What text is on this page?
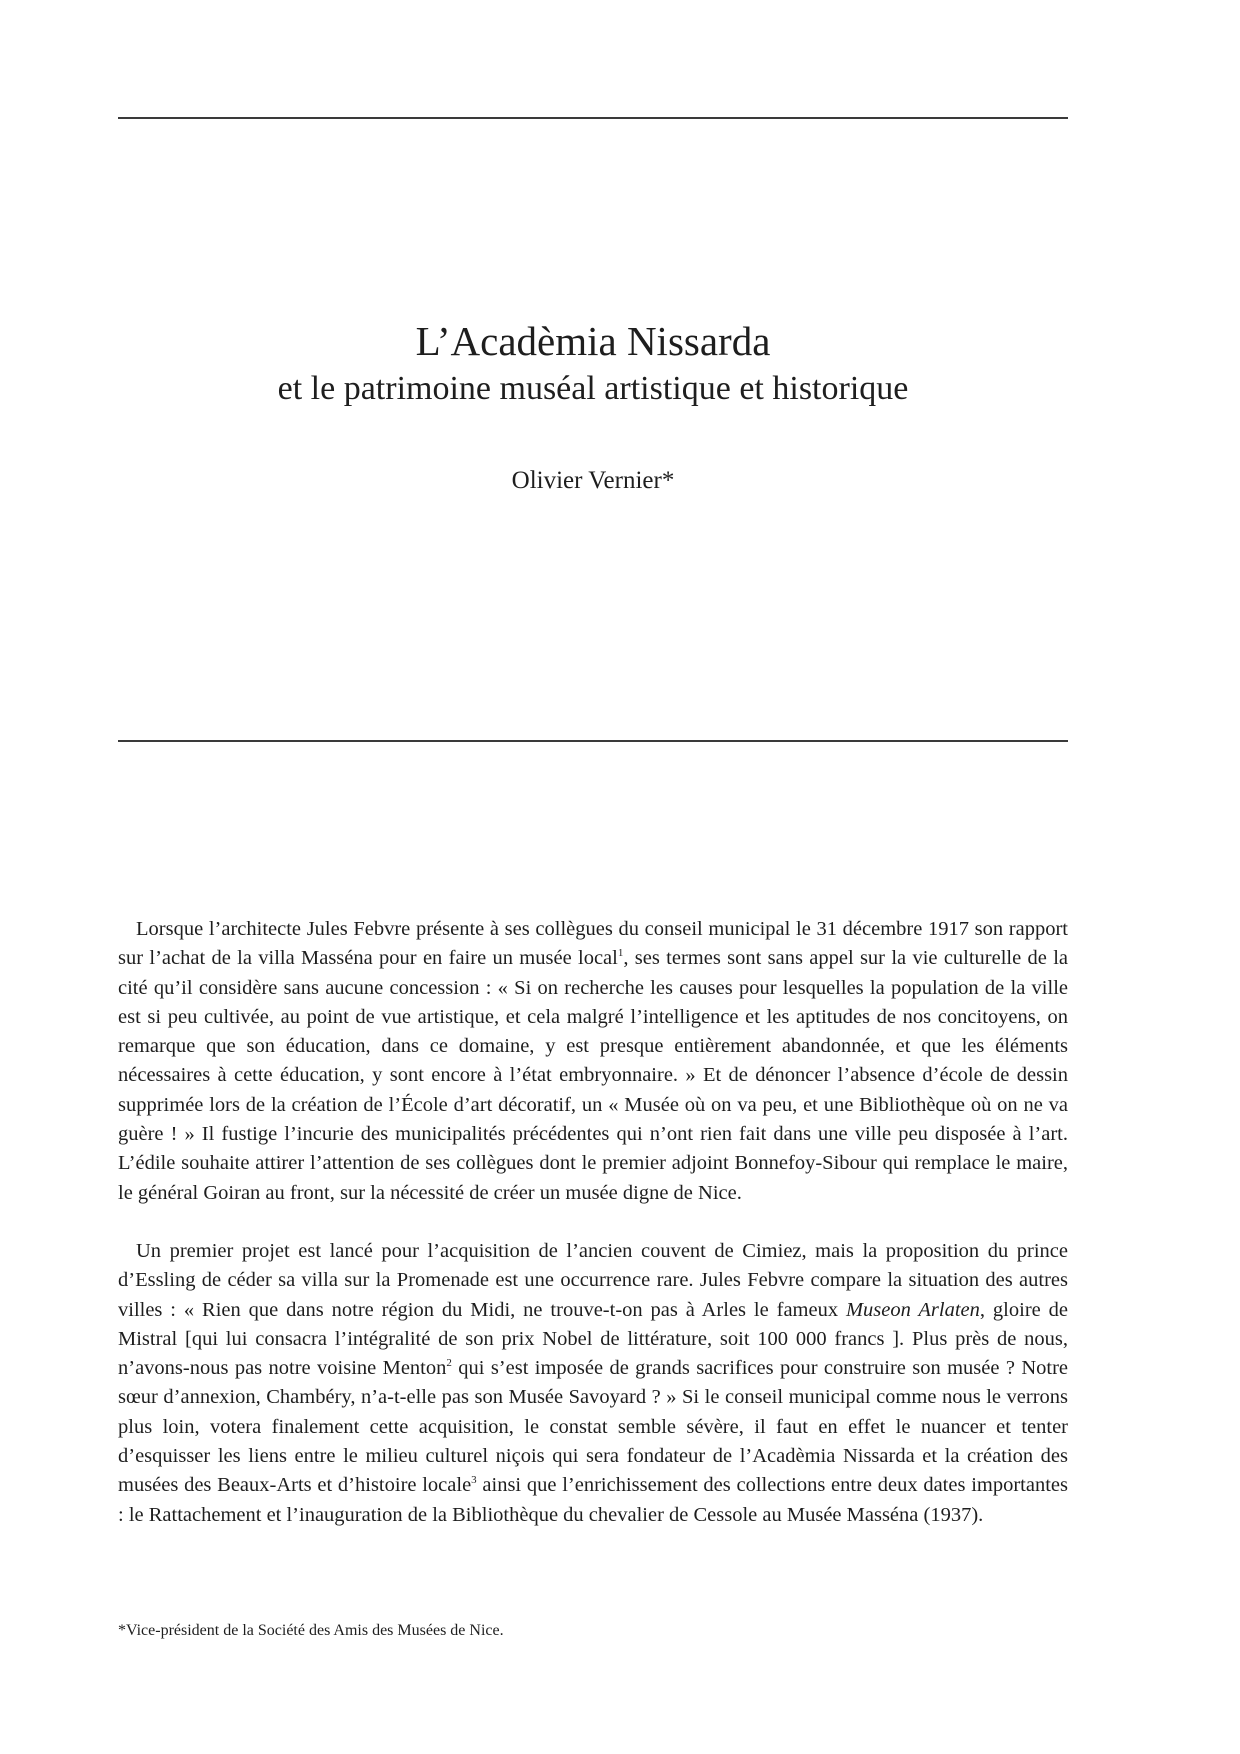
L’Acadèmia Nissarda
et le patrimoine muséal artistique et historique
Olivier Vernier*

Lorsque l’architecte Jules Febvre présente à ses collègues du conseil municipal le 31 décembre 1917 son rapport sur l’achat de la villa Masséna pour en faire un musée local$^1$, ses termes sont sans appel sur la vie culturelle de la cité qu’il considère sans aucune concession : « Si on recherche les causes pour lesquelles la population de la ville est si peu cultivée, au point de vue artistique, et cela malgré l’intelligence et les aptitudes de nos concitoyens, on remarque que son éducation, dans ce domaine, y est presque entièrement abandonnée, et que les éléments nécessaires à cette éducation, y sont encore à l’état embryonnaire. » Et de dénoncer l’absence d’école de dessin supprimée lors de la création de l’École d’art décoratif, un « Musée où on va peu, et une Bibliothèque où on ne va guère ! » Il fustige l’incurie des municipalités précédentes qui n’ont rien fait dans une ville peu disposée à l’art. L’édile souhaite attirer l’attention de ses collègues dont le premier adjoint Bonnefoy-Sibour qui remplace le maire, le général Goiran au front, sur la nécessité de créer un musée digne de Nice.

Un premier projet est lancé pour l’acquisition de l’ancien couvent de Cimiez, mais la proposition du prince d’Essling de céder sa villa sur la Promenade est une occurrence rare. Jules Febvre compare la situation des autres villes : « Rien que dans notre région du Midi, ne trouve-t-on pas à Arles le fameux Museon Arlaten, gloire de Mistral [qui lui consacra l’intégralité de son prix Nobel de littérature, soit 100 000 francs ]. Plus près de nous, n’avons-nous pas notre voisine Menton$^2$ qui s’est imposée de grands sacrifices pour construire son musée ? Notre sœur d’annexion, Chambéry, n’a-t-elle pas son Musée Savoyard ? » Si le conseil municipal comme nous le verrons plus loin, votera finalement cette acquisition, le constat semble sévère, il faut en effet le nuancer et tenter d’esquisser les liens entre le milieu culturel niçois qui sera fondateur de l’Acadèmia Nissarda et la création des musées des Beaux-Arts et d’histoire locale$^3$ ainsi que l’enrichissement des collections entre deux dates importantes : le Rattachement et l’inauguration de la Bibliothèque du chevalier de Cessole au Musée Masséna (1937).

*Vice-président de la Société des Amis des Musées de Nice.
